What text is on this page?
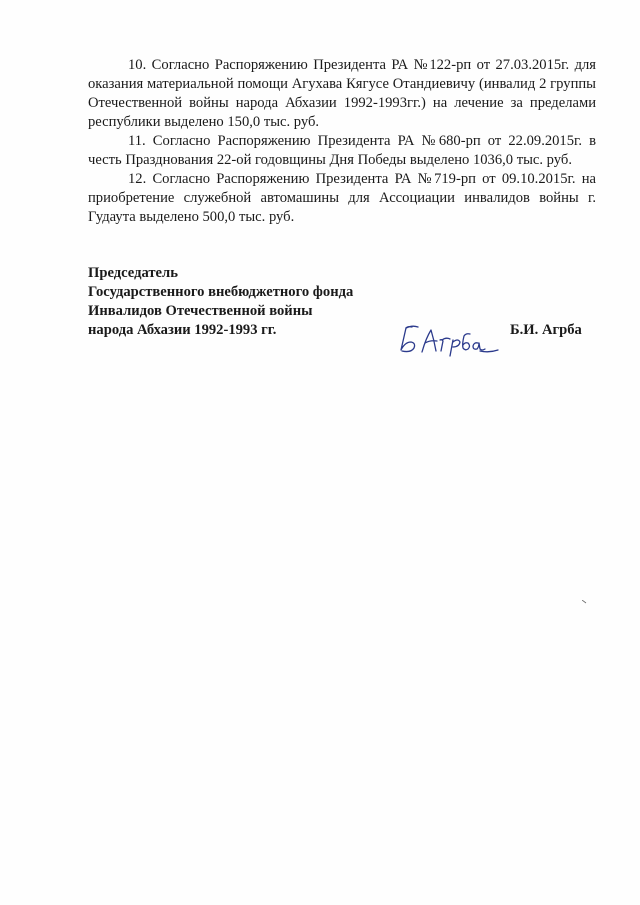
10. Согласно Распоряжению Президента РА №122-рп от 27.03.2015г. для оказания материальной помощи Агухава Кягусе Отандиевичу (инвалид 2 группы Отечественной войны народа Абхазии 1992-1993гг.) на лечение за пределами республики выделено 150,0 тыс. руб.

11. Согласно Распоряжению Президента РА №680-рп от 22.09.2015г. в честь Празднования 22-ой годовщины Дня Победы выделено 1036,0 тыс. руб.

12. Согласно Распоряжению Президента РА №719-рп от 09.10.2015г. на приобретение служебной автомашины для Ассоциации инвалидов войны г. Гудаута выделено 500,0 тыс. руб.

Председатель
Государственного внебюджетного фонда
Инвалидов Отечественной войны
народа Абхазии 1992-1993 гг.	Б.И. Агрба
